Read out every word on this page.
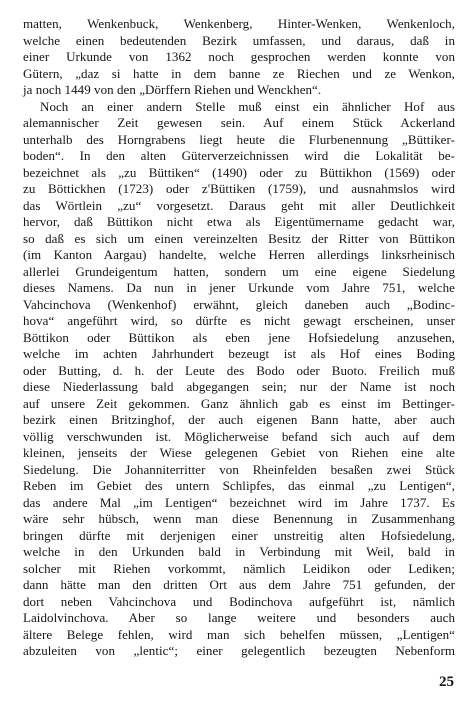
matten, Wenkenbuck, Wenkenberg, Hinter-Wenken, Wenkenloch,
welche einen bedeutenden Bezirk umfassen, und daraus, daß in
einer Urkunde von 1362 noch gesprochen werden konnte von
Gütern, „daz si hatte in dem banne ze Riechen und ze Wenkon,
ja noch 1449 von den „Dörffern Riehen und Wenckhen“.
Noch an einer andern Stelle muß einst ein ähnlicher Hof aus
alemannischer Zeit gewesen sein. Auf einem Stück Ackerland
unterhalb des Horngrabens liegt heute die Flurbenennung „Büttiker-
boden“. In den alten Güterverzeichnissen wird die Lokalität be-
bezeichnet als „zu Büttiken“ (1490) oder zu Büttikhon (1569) oder
zu Böttickhen (1723) oder z'Büttiken (1759), und ausnahmslos wird
das Wörtlein „zu“ vorgesetzt. Daraus geht mit aller Deutlichkeit
hervor, daß Büttikon nicht etwa als Eigentümername gedacht war,
so daß es sich um einen vereinzelten Besitz der Ritter von Büttikon
(im Kanton Aargau) handelte, welche Herren allerdings linksrheinisch
allerlei Grundeigentum hatten, sondern um eine eigene Siedelung
dieses Namens. Da nun in jener Urkunde vom Jahre 751, welche
Vahcinchova (Wenkenhof) erwähnt, gleich daneben auch „Bodinc-
hova“ angeführt wird, so dürfte es nicht gewagt erscheinen, unser
Böttikon oder Büttikon als eben jene Hofsiedelung anzusehen,
welche im achten Jahrhundert bezeugt ist als Hof eines Boding
oder Butting, d. h. der Leute des Bodo oder Buoto. Freilich muß
diese Niederlassung bald abgegangen sein; nur der Name ist noch
auf unsere Zeit gekommen. Ganz ähnlich gab es einst im Bettinger-
bezirk einen Britzinghof, der auch eigenen Bann hatte, aber auch
völlig verschwunden ist. Möglicherweise befand sich auch auf dem
kleinen, jenseits der Wiese gelegenen Gebiet von Riehen eine alte
Siedelung. Die Johanniterritter von Rheinfelden besaßen zwei Stück
Reben im Gebiet des untern Schlipfes, das einmal „zu Lentigen“,
das andere Mal „im Lentigen“ bezeichnet wird im Jahre 1737. Es
wäre sehr hübsch, wenn man diese Benennung in Zusammenhang
bringen dürfte mit derjenigen einer unstreitig alten Hofsiedelung,
welche in den Urkunden bald in Verbindung mit Weil, bald in
solcher mit Riehen vorkommt, nämlich Leidikon oder Lediken;
dann hätte man den dritten Ort aus dem Jahre 751 gefunden, der
dort neben Vahcinchova und Bodinchova aufgeführt ist, nämlich
Laidolvinchova. Aber so lange weitere und besonders auch
ältere Belege fehlen, wird man sich behelfen müssen, „Lentigen“
abzuleiten von „lentic“; einer gelegentlich bezeugten Nebenform
25
